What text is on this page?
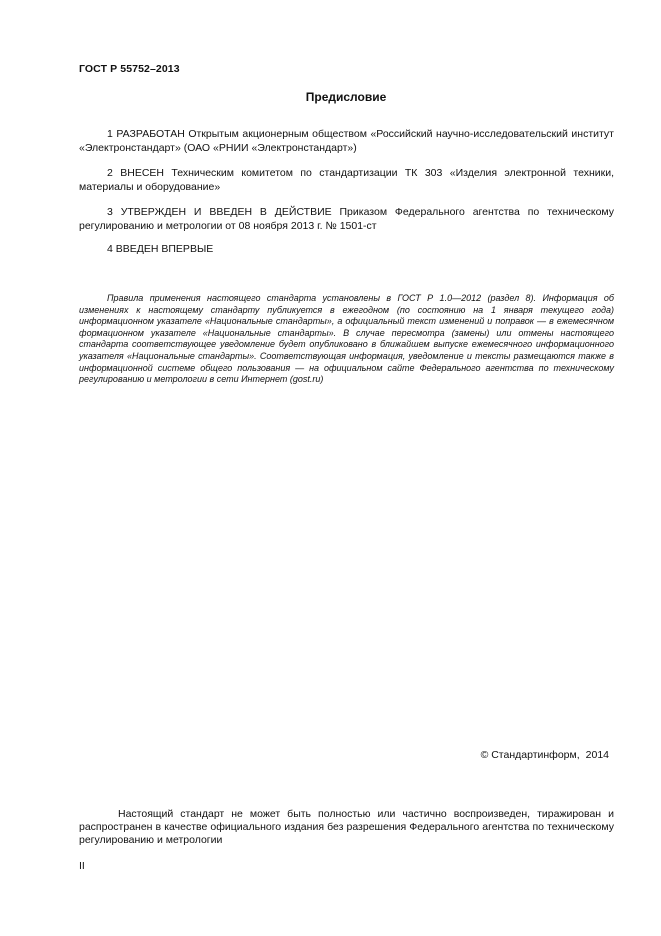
ГОСТ Р 55752–2013
Предисловие
1 РАЗРАБОТАН Открытым акционерным обществом «Российский научно-исследовательский институт «Электронстандарт» (ОАО «РНИИ «Электронстандарт»)
2 ВНЕСЕН Техническим комитетом по стандартизации ТК 303 «Изделия электронной техники, материалы и оборудование»
3 УТВЕРЖДЕН И ВВЕДЕН В ДЕЙСТВИЕ Приказом Федерального агентства по техническому регулированию и метрологии от 08 ноября 2013 г. № 1501-ст
4 ВВЕДЕН ВПЕРВЫЕ
Правила применения настоящего стандарта установлены в ГОСТ Р 1.0—2012 (раздел 8). Информация об изменениях к настоящему стандарту публикуется в ежегодном (по состоянию на 1 января текущего года) информационном указателе «Национальные стандарты», а официальный текст изменений и поправок — в ежемесячном формационном указателе «Национальные стандарты». В случае пересмотра (замены) или отмены настоящего стандарта соответствующее уведомление будет опубликовано в ближайшем выпуске ежемесячного информационного указателя «Национальные стандарты». Соответствующая информация, уведомление и тексты размещаются также в информационной системе общего пользования — на официальном сайте Федерального агентства по техническому регулированию и метрологии в сети Интернет (gost.ru)
© Стандартинформ, 2014
Настоящий стандарт не может быть полностью или частично воспроизведен, тиражирован и распространен в качестве официального издания без разрешения Федерального агентства по техническому регулированию и метрологии
II
